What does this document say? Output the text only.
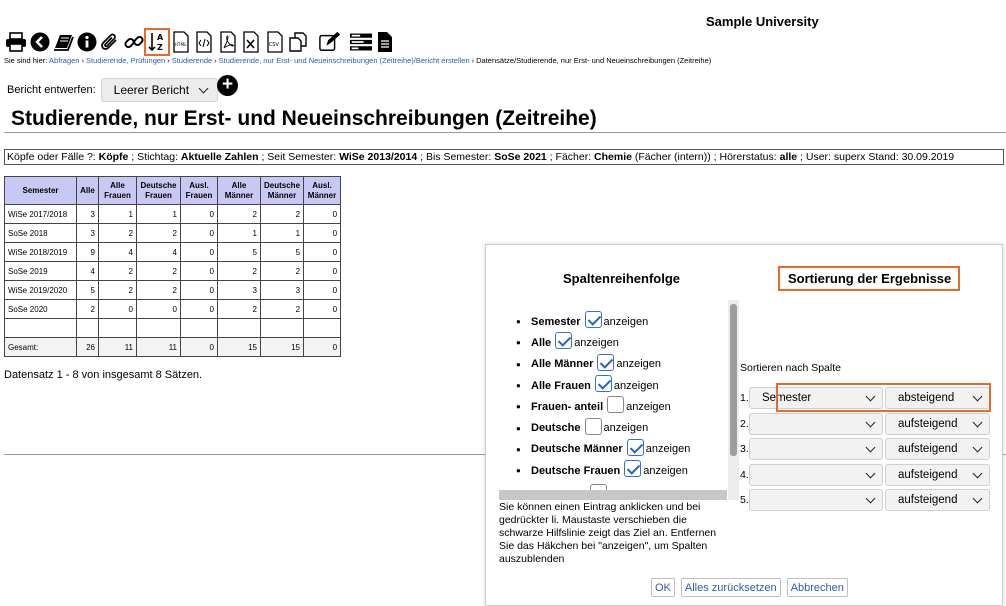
Sample University
A
Z	HTML	CSV
Sie sind hier: Abfragen › Studierende, Prüfungen › Studierende › Studierende, nur Erst- und Neueinschreibungen (Zeitreihe)/Bericht erstellen › Datensätze/Studierende, nur Erst- und Neueinschreibungen (Zeitreihe)
Bericht entwerfen: Leerer Bericht +
Studierende, nur Erst- und Neueinschreibungen (Zeitreihe)
Köpfe oder Fälle ?: Köpfe ; Stichtag: Aktuelle Zahlen ; Seit Semester: WiSe 2013/2014 ; Bis Semester: SoSe 2021 ; Fächer: Chemie (Fächer (intern)) ; Hörerstatus: alle ; User: superx Stand: 30.09.2019
Semester	Alle	Alle Frauen	Deutsche Frauen	Ausl. Frauen	Alle Männer	Deutsche Männer	Ausl. Männer
WiSe 2017/2018	3	1	1	0	2	2	0
SoSe 2018	3	2	2	0	1	1	0
WiSe 2018/2019	9	4	4	0	5	5	0
SoSe 2019	4	2	2	0	2	2	0
WiSe 2019/2020	5	2	2	0	3	3	0
SoSe 2020	2	0	0	0	2	2	0

Gesamt:	26	11	11	0	15	15	0
Datensatz 1 - 8 von insgesamt 8 Sätzen.
Spaltenreihenfolge	Sortierung der Ergebnisse
● Semester anzeigen
● Alle anzeigen
● Alle Männer anzeigen
● Alle Frauen anzeigen
● Frauen- anteil anzeigen
● Deutsche anzeigen
● Deutsche Männer anzeigen
● Deutsche Frauen anzeigen
Sie können einen Eintrag anklicken und bei gedrückter li. Maustaste verschieben die schwarze Hilfslinie zeigt das Ziel an. Entfernen Sie das Häkchen bei "anzeigen", um Spalten auszublenden
Sortieren nach Spalte
1. Semester	absteigend
2.	aufsteigend
3.	aufsteigend
4.	aufsteigend
5.	aufsteigend
OK	Alles zurücksetzen	Abbrechen
